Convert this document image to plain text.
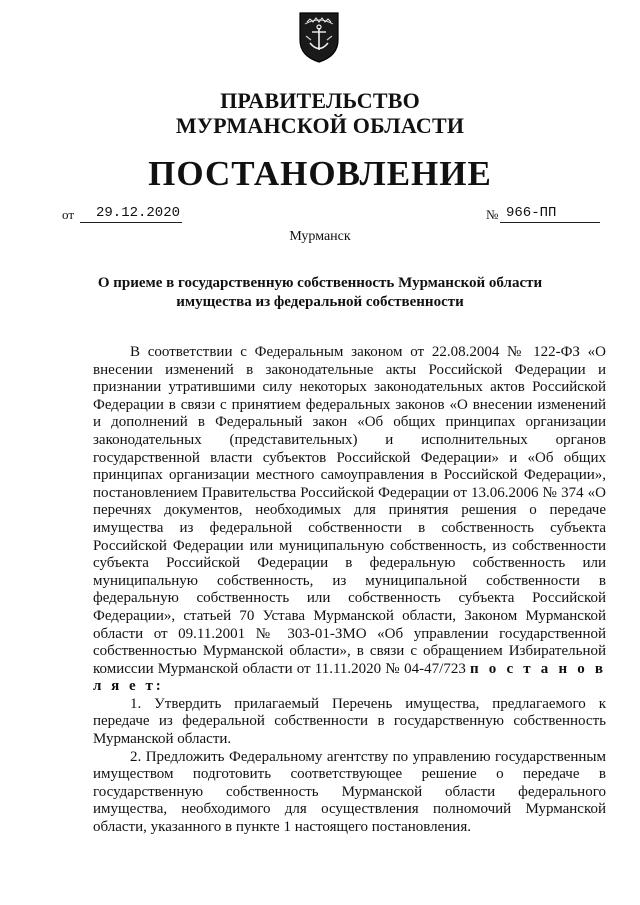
ПРАВИТЕЛЬСТВО
МУРМАНСКОЙ ОБЛАСТИ
ПОСТАНОВЛЕНИЕ
от 29.12.2020	№ 966-ПП
Мурманск
О приеме в государственную собственность Мурманской области
имущества из федеральной собственности

В соответствии с Федеральным законом от 22.08.2004 № 122-ФЗ «О внесении изменений в законодательные акты Российской Федерации и признании утратившими силу некоторых законодательных актов Российской Федерации в связи с принятием федеральных законов «О внесении изменений и дополнений в Федеральный закон «Об общих принципах организации законодательных (представительных) и исполнительных органов государственной власти субъектов Российской Федерации» и «Об общих принципах организации местного самоуправления в Российской Федерации», постановлением Правительства Российской Федерации от 13.06.2006 № 374 «О перечнях документов, необходимых для принятия решения о передаче имущества из федеральной собственности в собственность субъекта Российской Федерации или муниципальную собственность, из собственности субъекта Российской Федерации в федеральную собственность или муниципальную собственность, из муниципальной собственности в федеральную собственность или собственность субъекта Российской Федерации», статьей 70 Устава Мурманской области, Законом Мурманской области от 09.11.2001 № 303-01-ЗМО «Об управлении государственной собственностью Мурманской области», в связи с обращением Избирательной комиссии Мурманской области от 11.11.2020 № 04-47/723 п о с т а н о в л я е т:

1. Утвердить прилагаемый Перечень имущества, предлагаемого к передаче из федеральной собственности в государственную собственность Мурманской области.

2. Предложить Федеральному агентству по управлению государственным имуществом подготовить соответствующее решение о передаче в государственную собственность Мурманской области федерального имущества, необходимого для осуществления полномочий Мурманской области, указанного в пункте 1 настоящего постановления.
